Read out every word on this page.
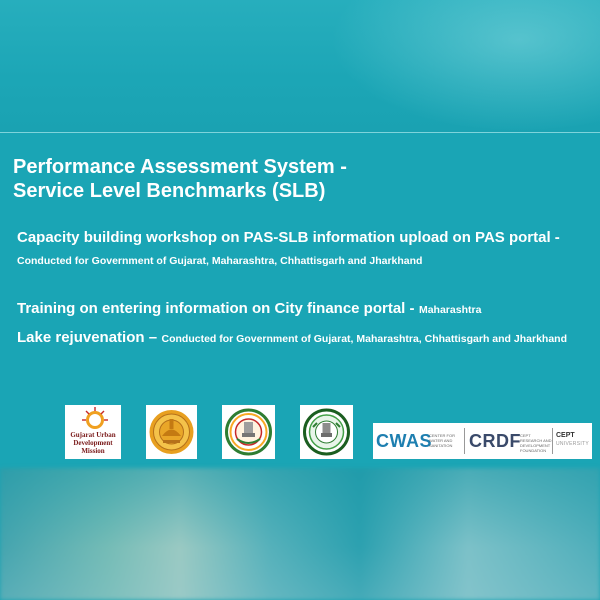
Performance Assessment System -
Service Level Benchmarks (SLB)

Capacity building workshop on PAS-SLB information upload on PAS portal - Conducted for Government of Gujarat, Maharashtra, Chhattisgarh and Jharkhand

Training on entering information on City finance portal - Maharashtra

Lake rejuvenation – Conducted for Government of Gujarat, Maharashtra, Chhattisgarh and Jharkhand

Gujarat Urban
Development
Mission	CWAS
CENTER FOR WATER AND SANITATION CRDF CEPT RESEARCH AND DEVELOPMENT FOUNDATION
CEPT
UNIVERSITY
